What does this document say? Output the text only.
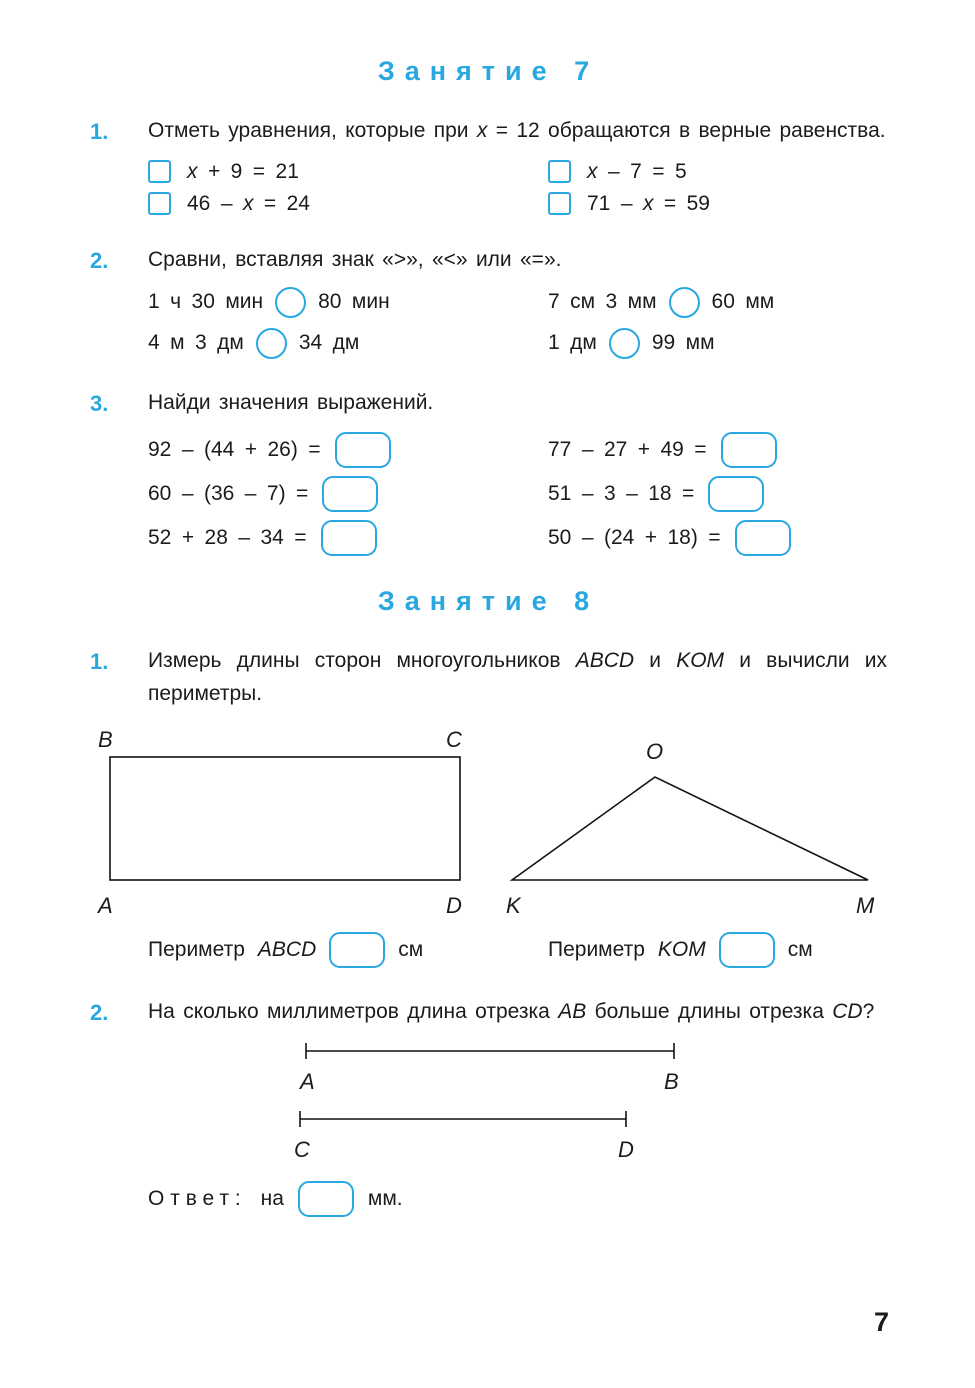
Занятие 7
1.	Отметь уравнения, которые при x = 12 обращаются в верные равенства.

x + 9 = 21	x – 7 = 5
46 – x = 24	71 – x = 59
2.	Сравни, вставляя знак «>», «<» или «=».

1 ч 30 мин	80 мин	7 см 3 мм	60 мм
4 м 3 дм	34 дм	1 дм	99 мм
3.	Найди значения выражений.

92 – (44 + 26) =	77 – 27 + 49 =
60 – (36 – 7) =	51 – 3 – 18 =
52 + 28 – 34 =	50 – (24 + 18) =
Занятие 8
1.	Измерь длины сторон многоугольников ABCD и KOM и вычисли их периметры.

B	C
A	D
O
K	M
Периметр ABCD	см	Периметр KOM	см
2.	На сколько миллиметров длина отрезка AB больше длины отрезка CD?

A	B
C	D
Ответ: на	мм.
7
